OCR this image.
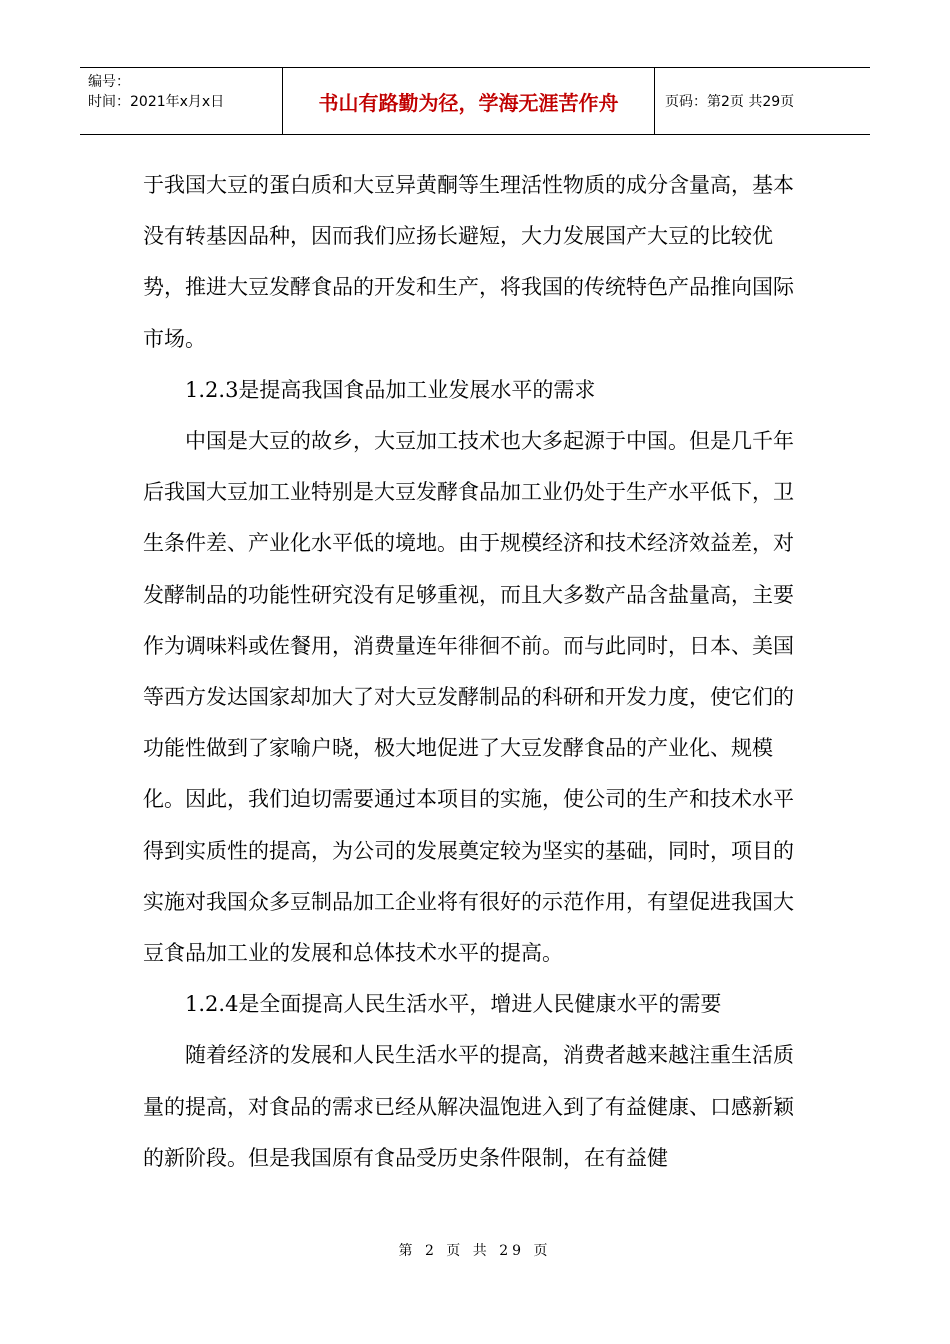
编号：
时间：2021年x月x日	书山有路勤为径，学海无涯苦作舟	页码：第2页 共29页

于我国大豆的蛋白质和大豆异黄酮等生理活性物质的成分含量高，基本没有转基因品种，因而我们应扬长避短，大力发展国产大豆的比较优势，推进大豆发酵食品的开发和生产，将我国的传统特色产品推向国际市场。

1.2.3是提高我国食品加工业发展水平的需求

中国是大豆的故乡，大豆加工技术也大多起源于中国。但是几千年后我国大豆加工业特别是大豆发酵食品加工业仍处于生产水平低下，卫生条件差、产业化水平低的境地。由于规模经济和技术经济效益差，对发酵制品的功能性研究没有足够重视，而且大多数产品含盐量高，主要作为调味料或佐餐用，消费量连年徘徊不前。而与此同时，日本、美国等西方发达国家却加大了对大豆发酵制品的科研和开发力度，使它们的功能性做到了家喻户晓，极大地促进了大豆发酵食品的产业化、规模化。因此，我们迫切需要通过本项目的实施，使公司的生产和技术水平得到实质性的提高，为公司的发展奠定较为坚实的基础，同时，项目的实施对我国众多豆制品加工企业将有很好的示范作用，有望促进我国大豆食品加工业的发展和总体技术水平的提高。

1.2.4是全面提高人民生活水平，增进人民健康水平的需要

随着经济的发展和人民生活水平的提高，消费者越来越注重生活质量的提高，对食品的需求已经从解决温饱进入到了有益健康、口感新颖的新阶段。但是我国原有食品受历史条件限制，在有益健

第 2 页 共 29 页
